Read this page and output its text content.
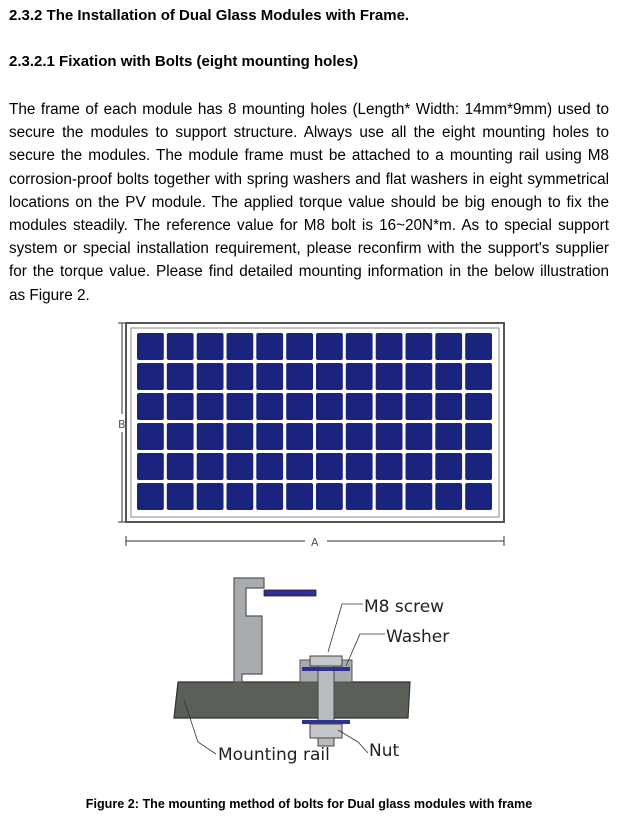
2.3.2 The Installation of Dual Glass Modules with Frame.

2.3.2.1 Fixation with Bolts (eight mounting holes)

The frame of each module has 8 mounting holes (Length* Width: 14mm*9mm) used to secure the modules to support structure. Always use all the eight mounting holes to secure the modules. The module frame must be attached to a mounting rail using M8 corrosion-proof bolts together with spring washers and flat washers in eight symmetrical locations on the PV module. The applied torque value should be big enough to fix the modules steadily. The reference value for M8 bolt is 16~20N*m. As to special support system or special installation requirement, please reconfirm with the support's supplier for the torque value. Please find detailed mounting information in the below illustration as Figure 2.

B
A
M8 screw
Washer
Mounting rail Nut

Figure 2: The mounting method of bolts for Dual glass modules with frame
